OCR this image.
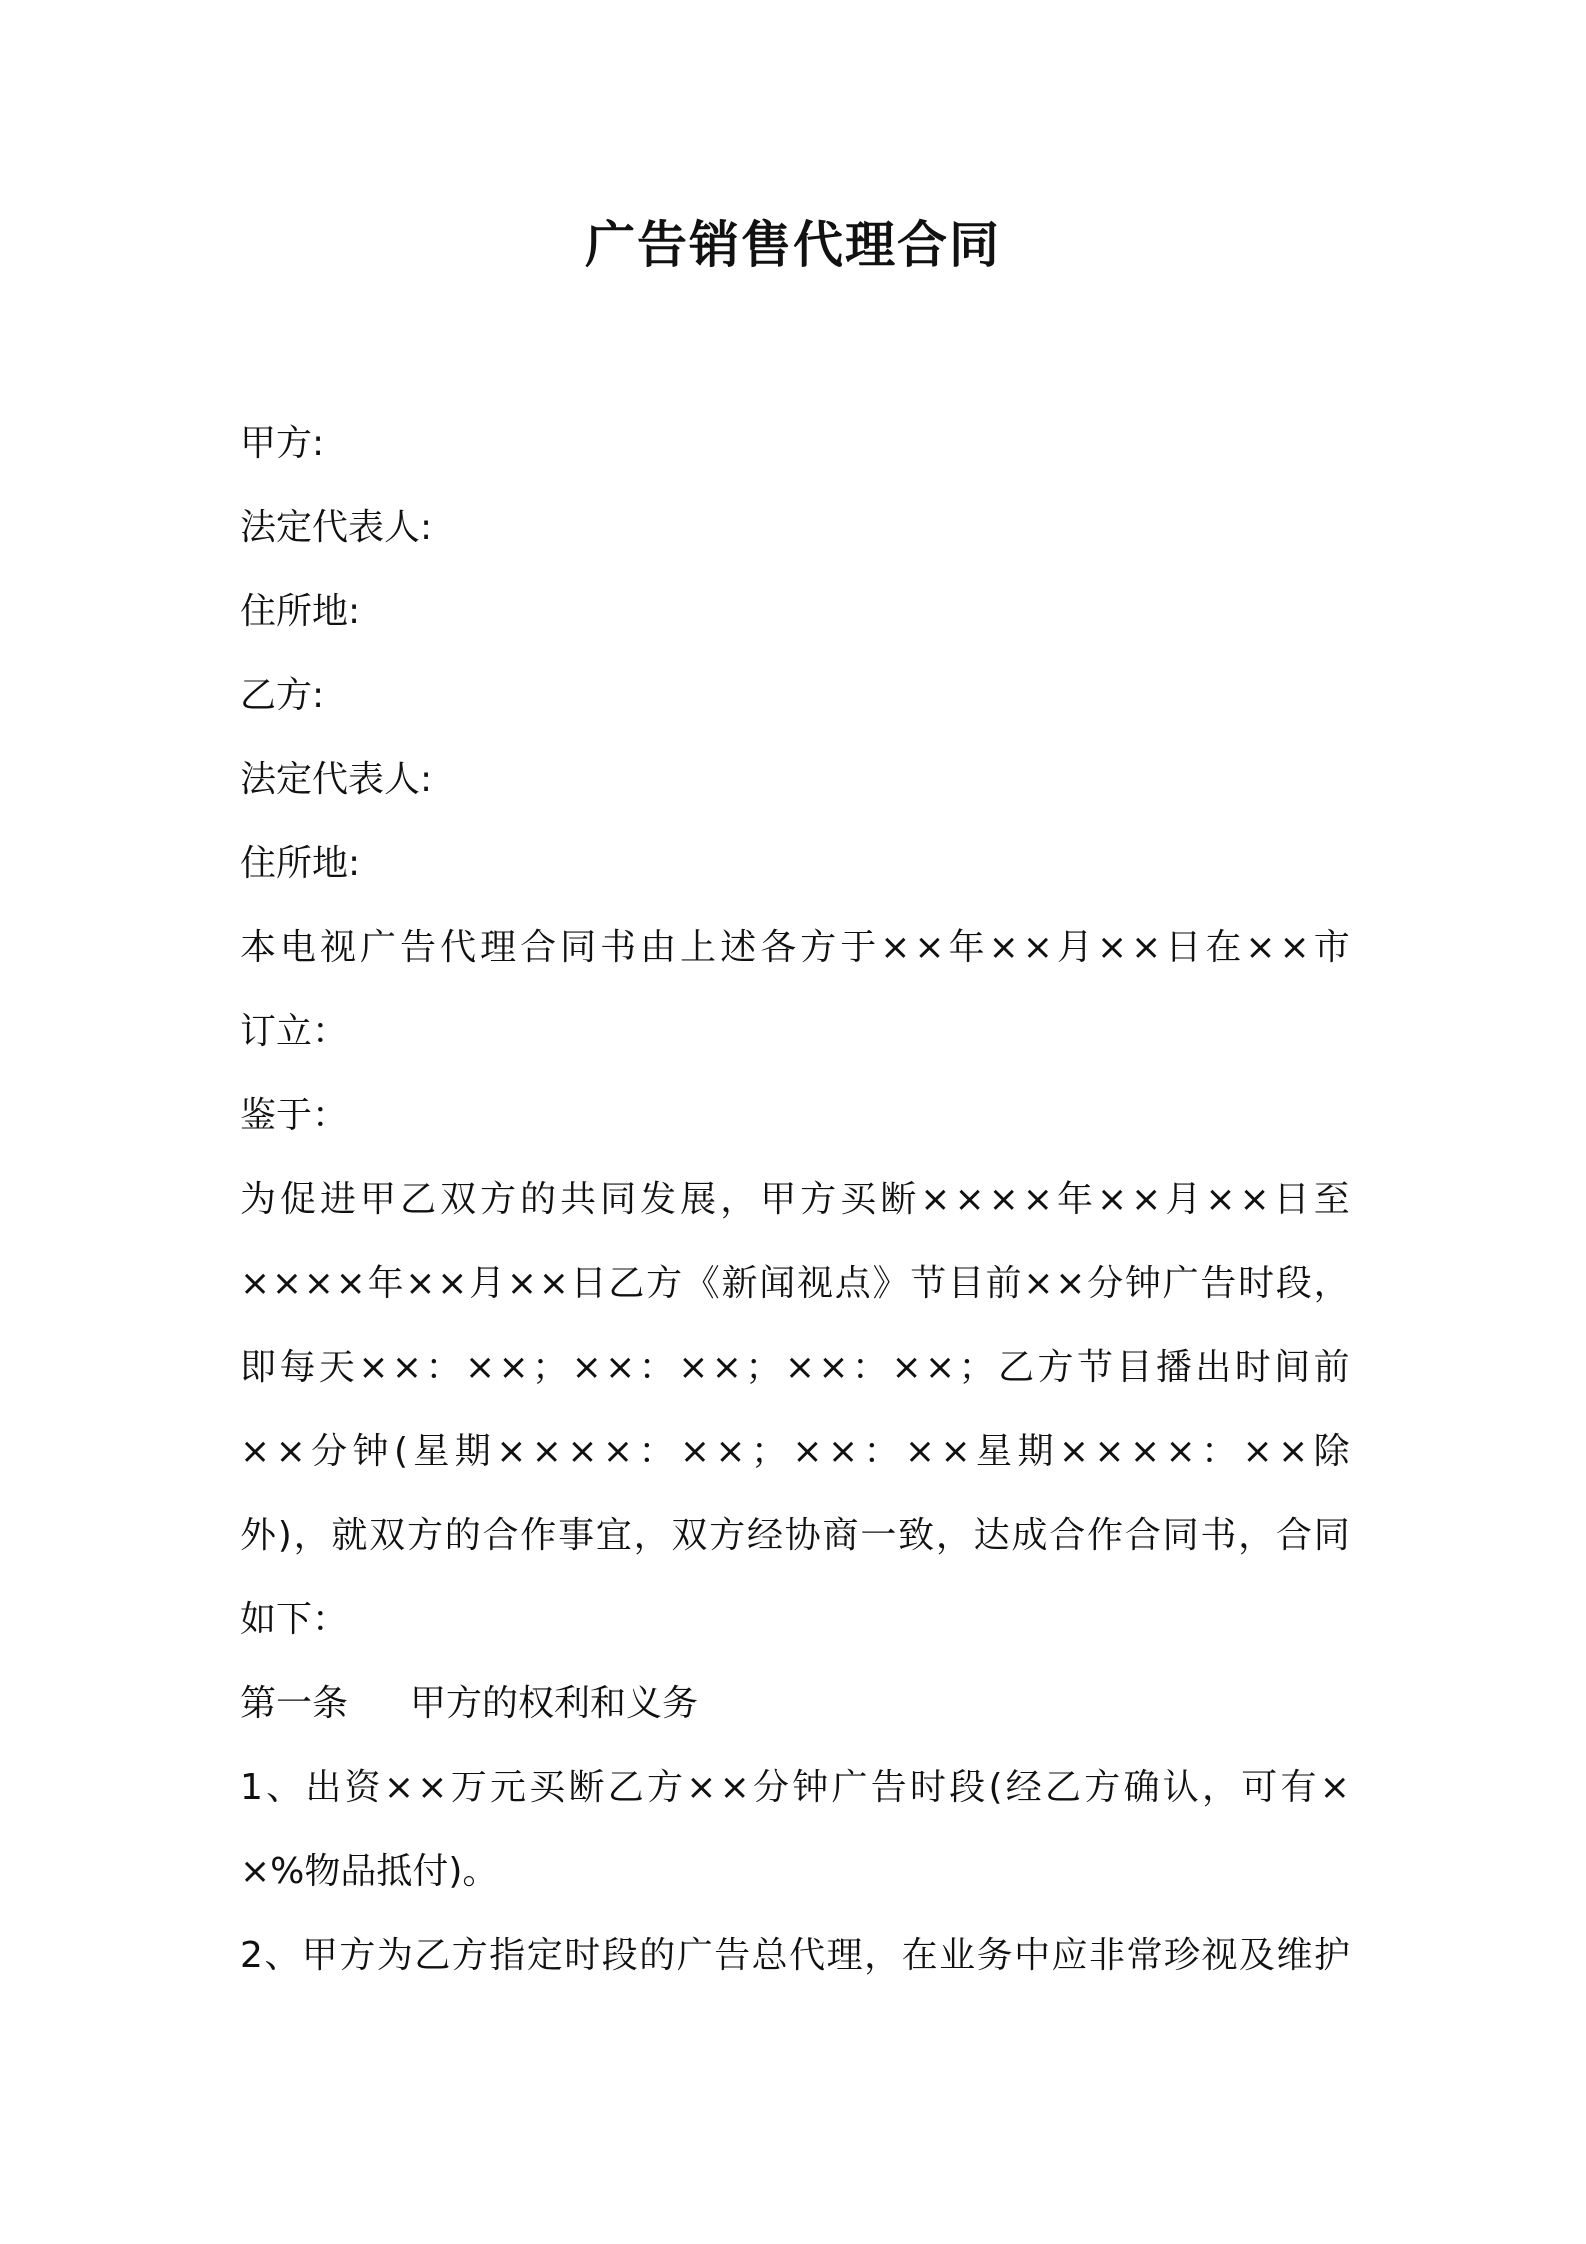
广告销售代理合同
甲方:
法定代表人:
住所地:
乙方:
法定代表人:
住所地:
本 电 视 广 告 代 理 合 同 书 由 上 述 各 方 于 × × 年 × × 月 × × 日 在 × × 市
订立：
鉴于：
为 促 进 甲 乙 双 方 的 共 同 发 展 ， 甲 方 买 断 × × × × 年 × × 月 × × 日 至
× × × × 年 × × 月 × × 日 乙 方 《 新 闻 视 点 》 节 目 前 × × 分 钟 广 告 时 段 ，
即 每 天 × × ： × × ； × × ： × × ； × × ： × × ； 乙 方 节 目 播 出 时 间 前
× × 分 钟 ( 星 期 × × × × ： × × ； × × ： × × 星 期 × × × × ： × × 除
外 ) ， 就 双 方 的 合 作 事 宜 ， 双 方 经 协 商 一 致 ， 达 成 合 作 合 同 书 ， 合 同
如下：
第一条 甲方的权利和义务
1 、 出 资 × × 万 元 买 断 乙 方 × × 分 钟 广 告 时 段 ( 经 乙 方 确 认 ， 可 有 ×
×%物品抵付)。
2 、 甲 方 为 乙 方 指 定 时 段 的 广 告 总 代 理 ， 在 业 务 中 应 非 常 珍 视 及 维 护
